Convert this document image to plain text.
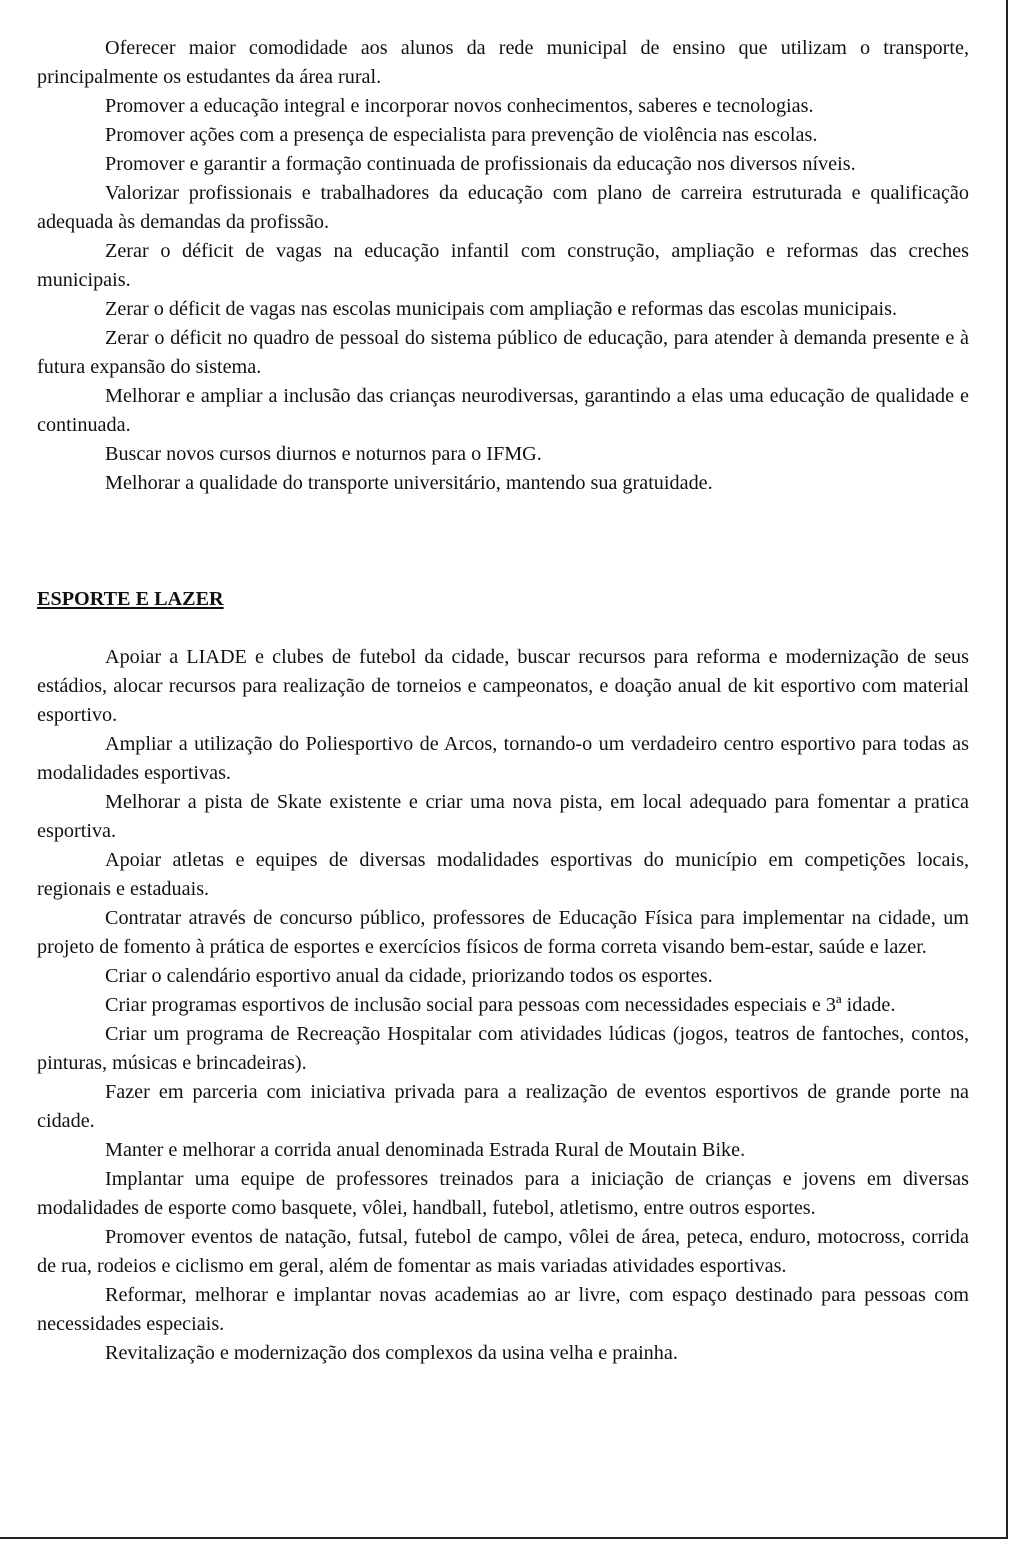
Oferecer maior comodidade aos alunos da rede municipal de ensino que utilizam o transporte, principalmente os estudantes da área rural.

Promover a educação integral e incorporar novos conhecimentos, saberes e tecnologias.

Promover ações com a presença de especialista para prevenção de violência nas escolas.

Promover e garantir a formação continuada de profissionais da educação nos diversos níveis.

Valorizar profissionais e trabalhadores da educação com plano de carreira estruturada e qualificação adequada às demandas da profissão.

Zerar o déficit de vagas na educação infantil com construção, ampliação e reformas das creches municipais.

Zerar o déficit de vagas nas escolas municipais com ampliação e reformas das escolas municipais.

Zerar o déficit no quadro de pessoal do sistema público de educação, para atender à demanda presente e à futura expansão do sistema.

Melhorar e ampliar a inclusão das crianças neurodiversas, garantindo a elas uma educação de qualidade e continuada.

Buscar novos cursos diurnos e noturnos para o IFMG.

Melhorar a qualidade do transporte universitário, mantendo sua gratuidade.

ESPORTE E LAZER

Apoiar a LIADE e clubes de futebol da cidade, buscar recursos para reforma e modernização de seus estádios, alocar recursos para realização de torneios e campeonatos, e doação anual de kit esportivo com material esportivo.

Ampliar a utilização do Poliesportivo de Arcos, tornando-o um verdadeiro centro esportivo para todas as modalidades esportivas.

Melhorar a pista de Skate existente e criar uma nova pista, em local adequado para fomentar a pratica esportiva.

Apoiar atletas e equipes de diversas modalidades esportivas do município em competições locais, regionais e estaduais.

Contratar através de concurso público, professores de Educação Física para implementar na cidade, um projeto de fomento à prática de esportes e exercícios físicos de forma correta visando bem-estar, saúde e lazer.

Criar o calendário esportivo anual da cidade, priorizando todos os esportes.

Criar programas esportivos de inclusão social para pessoas com necessidades especiais e 3ª idade.

Criar um programa de Recreação Hospitalar com atividades lúdicas (jogos, teatros de fantoches, contos, pinturas, músicas e brincadeiras).

Fazer em parceria com iniciativa privada para a realização de eventos esportivos de grande porte na cidade.

Manter e melhorar a corrida anual denominada Estrada Rural de Moutain Bike.

Implantar uma equipe de professores treinados para a iniciação de crianças e jovens em diversas modalidades de esporte como basquete, vôlei, handball, futebol, atletismo, entre outros esportes.

Promover eventos de natação, futsal, futebol de campo, vôlei de área, peteca, enduro, motocross, corrida de rua, rodeios e ciclismo em geral, além de fomentar as mais variadas atividades esportivas.

Reformar, melhorar e implantar novas academias ao ar livre, com espaço destinado para pessoas com necessidades especiais.

Revitalização e modernização dos complexos da usina velha e prainha.
